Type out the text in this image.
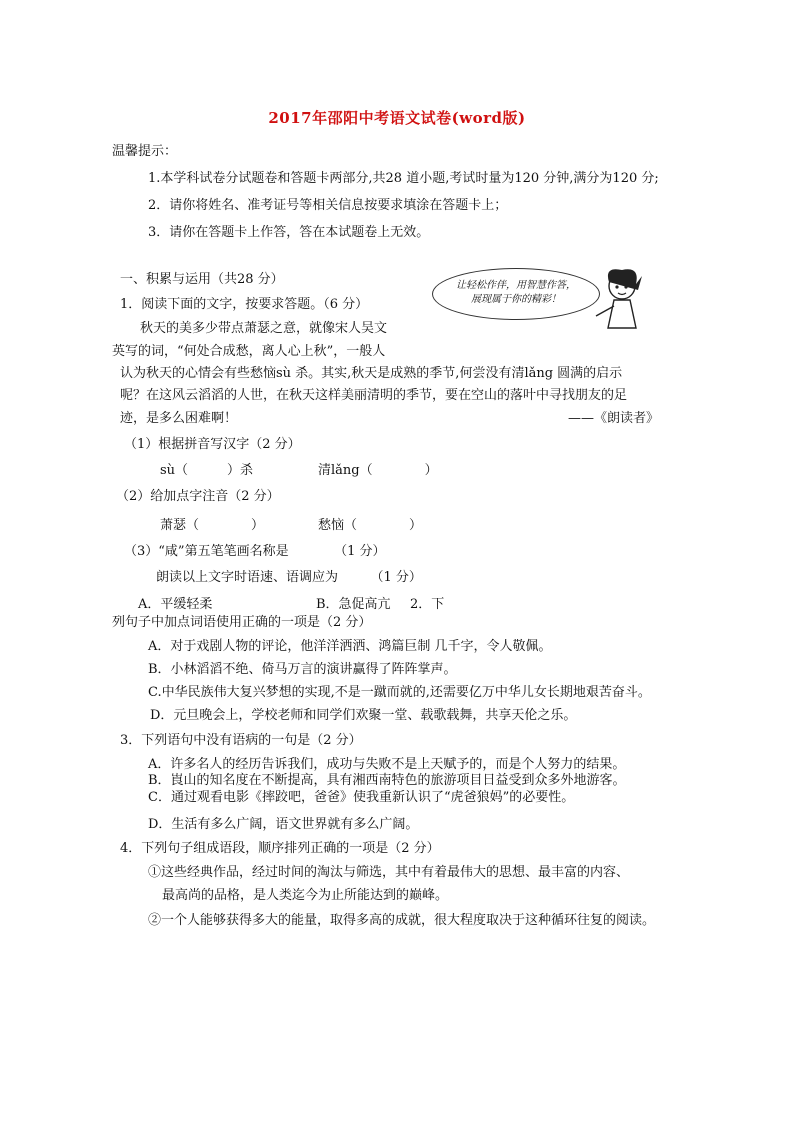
2017年邵阳中考语文试卷(word版)
温馨提示：
1.本学科试卷分试题卷和答题卡两部分,共28 道小题,考试时量为120 分钟,满分为120 分;
2．请你将姓名、准考证号等相关信息按要求填涂在答题卡上；
3．请你在答题卡上作答，答在本试题卷上无效。
一、积累与运用（共28 分）	让轻松作伴，用智慧作答，
展现属于你的精彩！
1．阅读下面的文字，按要求答题。（6 分）
秋天的美多少带点萧瑟之意，就像宋人吴文
英写的词，“何处合成愁，离人心上秋”，一般人
认为秋天的心情会有些愁恼sù 杀。其实,秋天是成熟的季节,何尝没有清lǎng 圆满的启示
呢？在这风云滔滔的人世，在秋天这样美丽清明的季节，要在空山的落叶中寻找朋友的足
迹，是多么困难啊！	——《朗读者》
（1）根据拼音写汉字（2 分）
sù（　　　）杀	清lǎng（　　　　）
（2）给加点字注音（2 分）
萧瑟（　　　　）	愁恼（　　　　）
（3）“咸”第五笔笔画名称是　　　　（1 分）
朗读以上文字时语速、语调应为　　　（1 分）
A．平缓轻柔	B．急促高亢 2．下
列句子中加点词语使用正确的一项是（2 分）
A．对于戏剧人物的评论，他洋洋洒洒、鸿篇巨制 几千字，令人敬佩。
B．小林滔滔不绝、倚马万言的演讲赢得了阵阵掌声。
C.中华民族伟大复兴梦想的实现,不是一蹴而就的,还需要亿万中华儿女长期地艰苦奋斗。
D．元旦晚会上，学校老师和同学们欢聚一堂、载歌载舞，共享天伦之乐。
3．下列语句中没有语病的一句是（2 分）
A．许多名人的经历告诉我们，成功与失败不是上天赋予的，而是个人努力的结果。
B．崀山的知名度在不断提高，具有湘西南特色的旅游项目日益受到众多外地游客。
C．通过观看电影《摔跤吧，爸爸》使我重新认识了“虎爸狼妈”的必要性。
D．生活有多么广阔，语文世界就有多么广阔。
4．下列句子组成语段，顺序排列正确的一项是（2 分）
①这些经典作品，经过时间的淘汰与筛选，其中有着最伟大的思想、最丰富的内容、
最高尚的品格，是人类迄今为止所能达到的巅峰。
②一个人能够获得多大的能量，取得多高的成就，很大程度取决于这种循环往复的阅读。
